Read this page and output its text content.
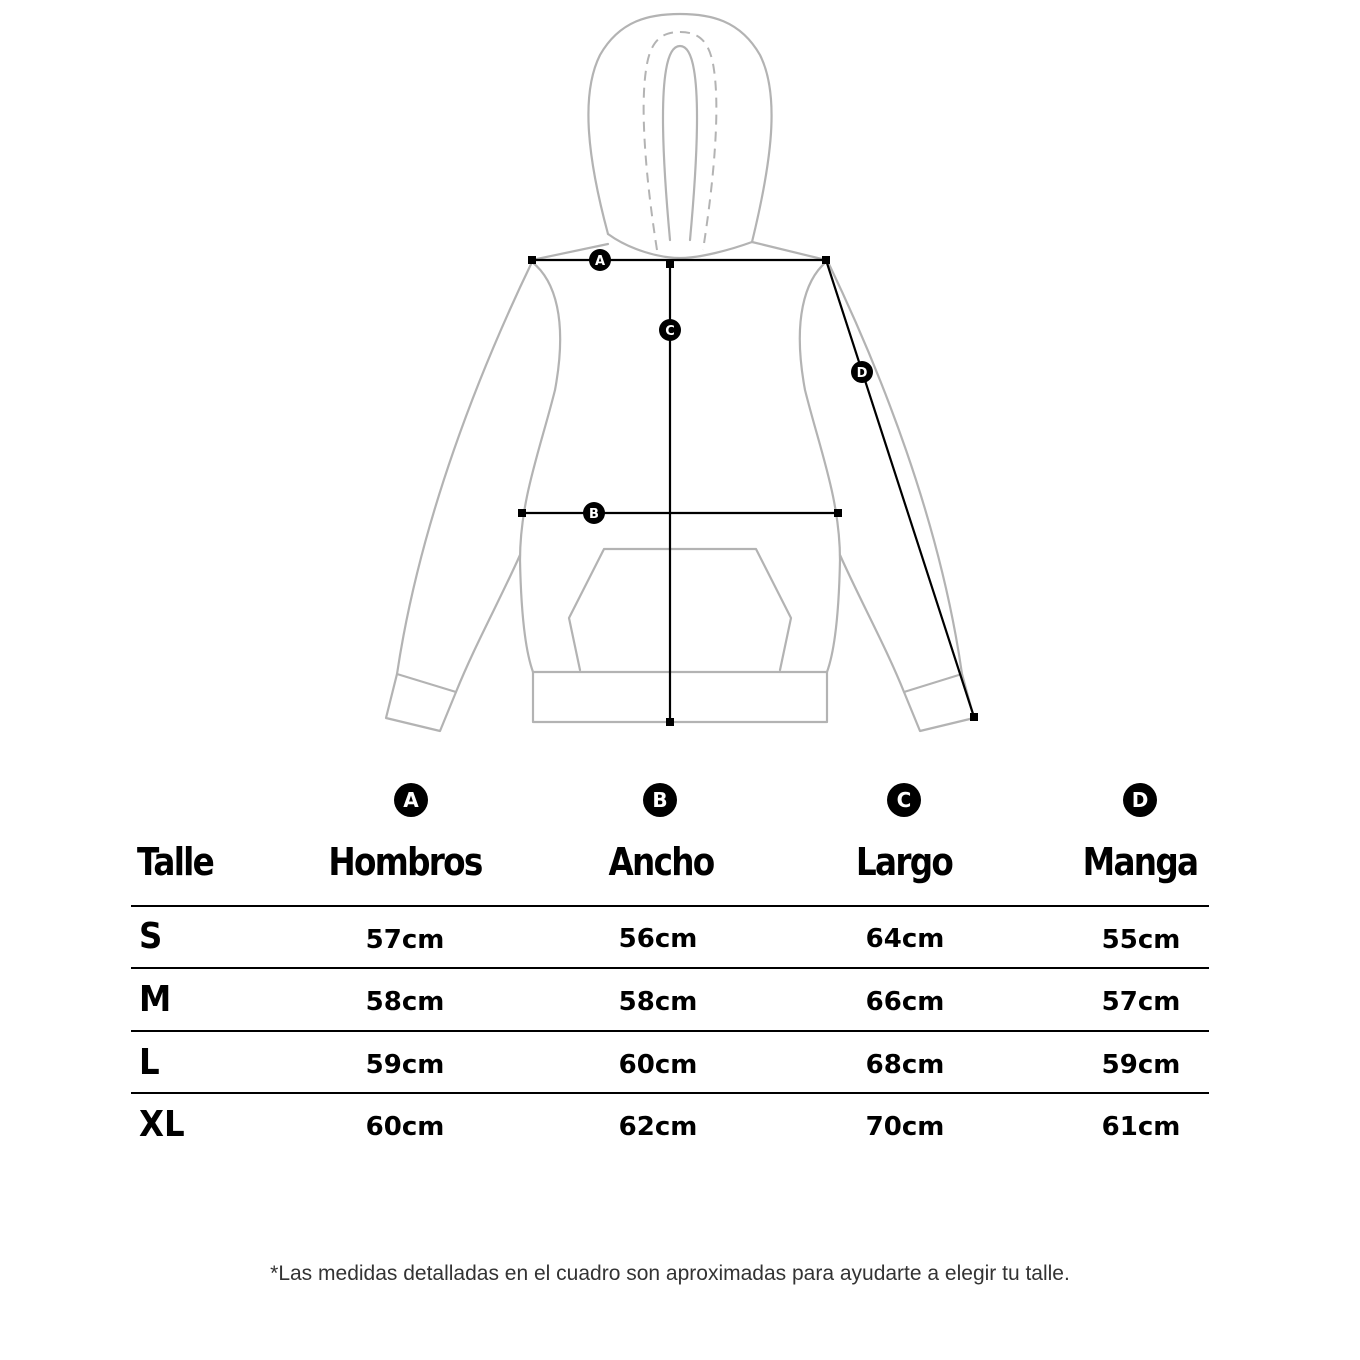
A
C
D
B
A	B	C	D
Talle	Hombros	Ancho	Largo	Manga
S	57cm	56cm	64cm	55cm
M	58cm	58cm	66cm	57cm
L	59cm	60cm	68cm	59cm
XL	60cm	62cm	70cm	61cm
*Las medidas detalladas en el cuadro son aproximadas para ayudarte a elegir tu talle.
